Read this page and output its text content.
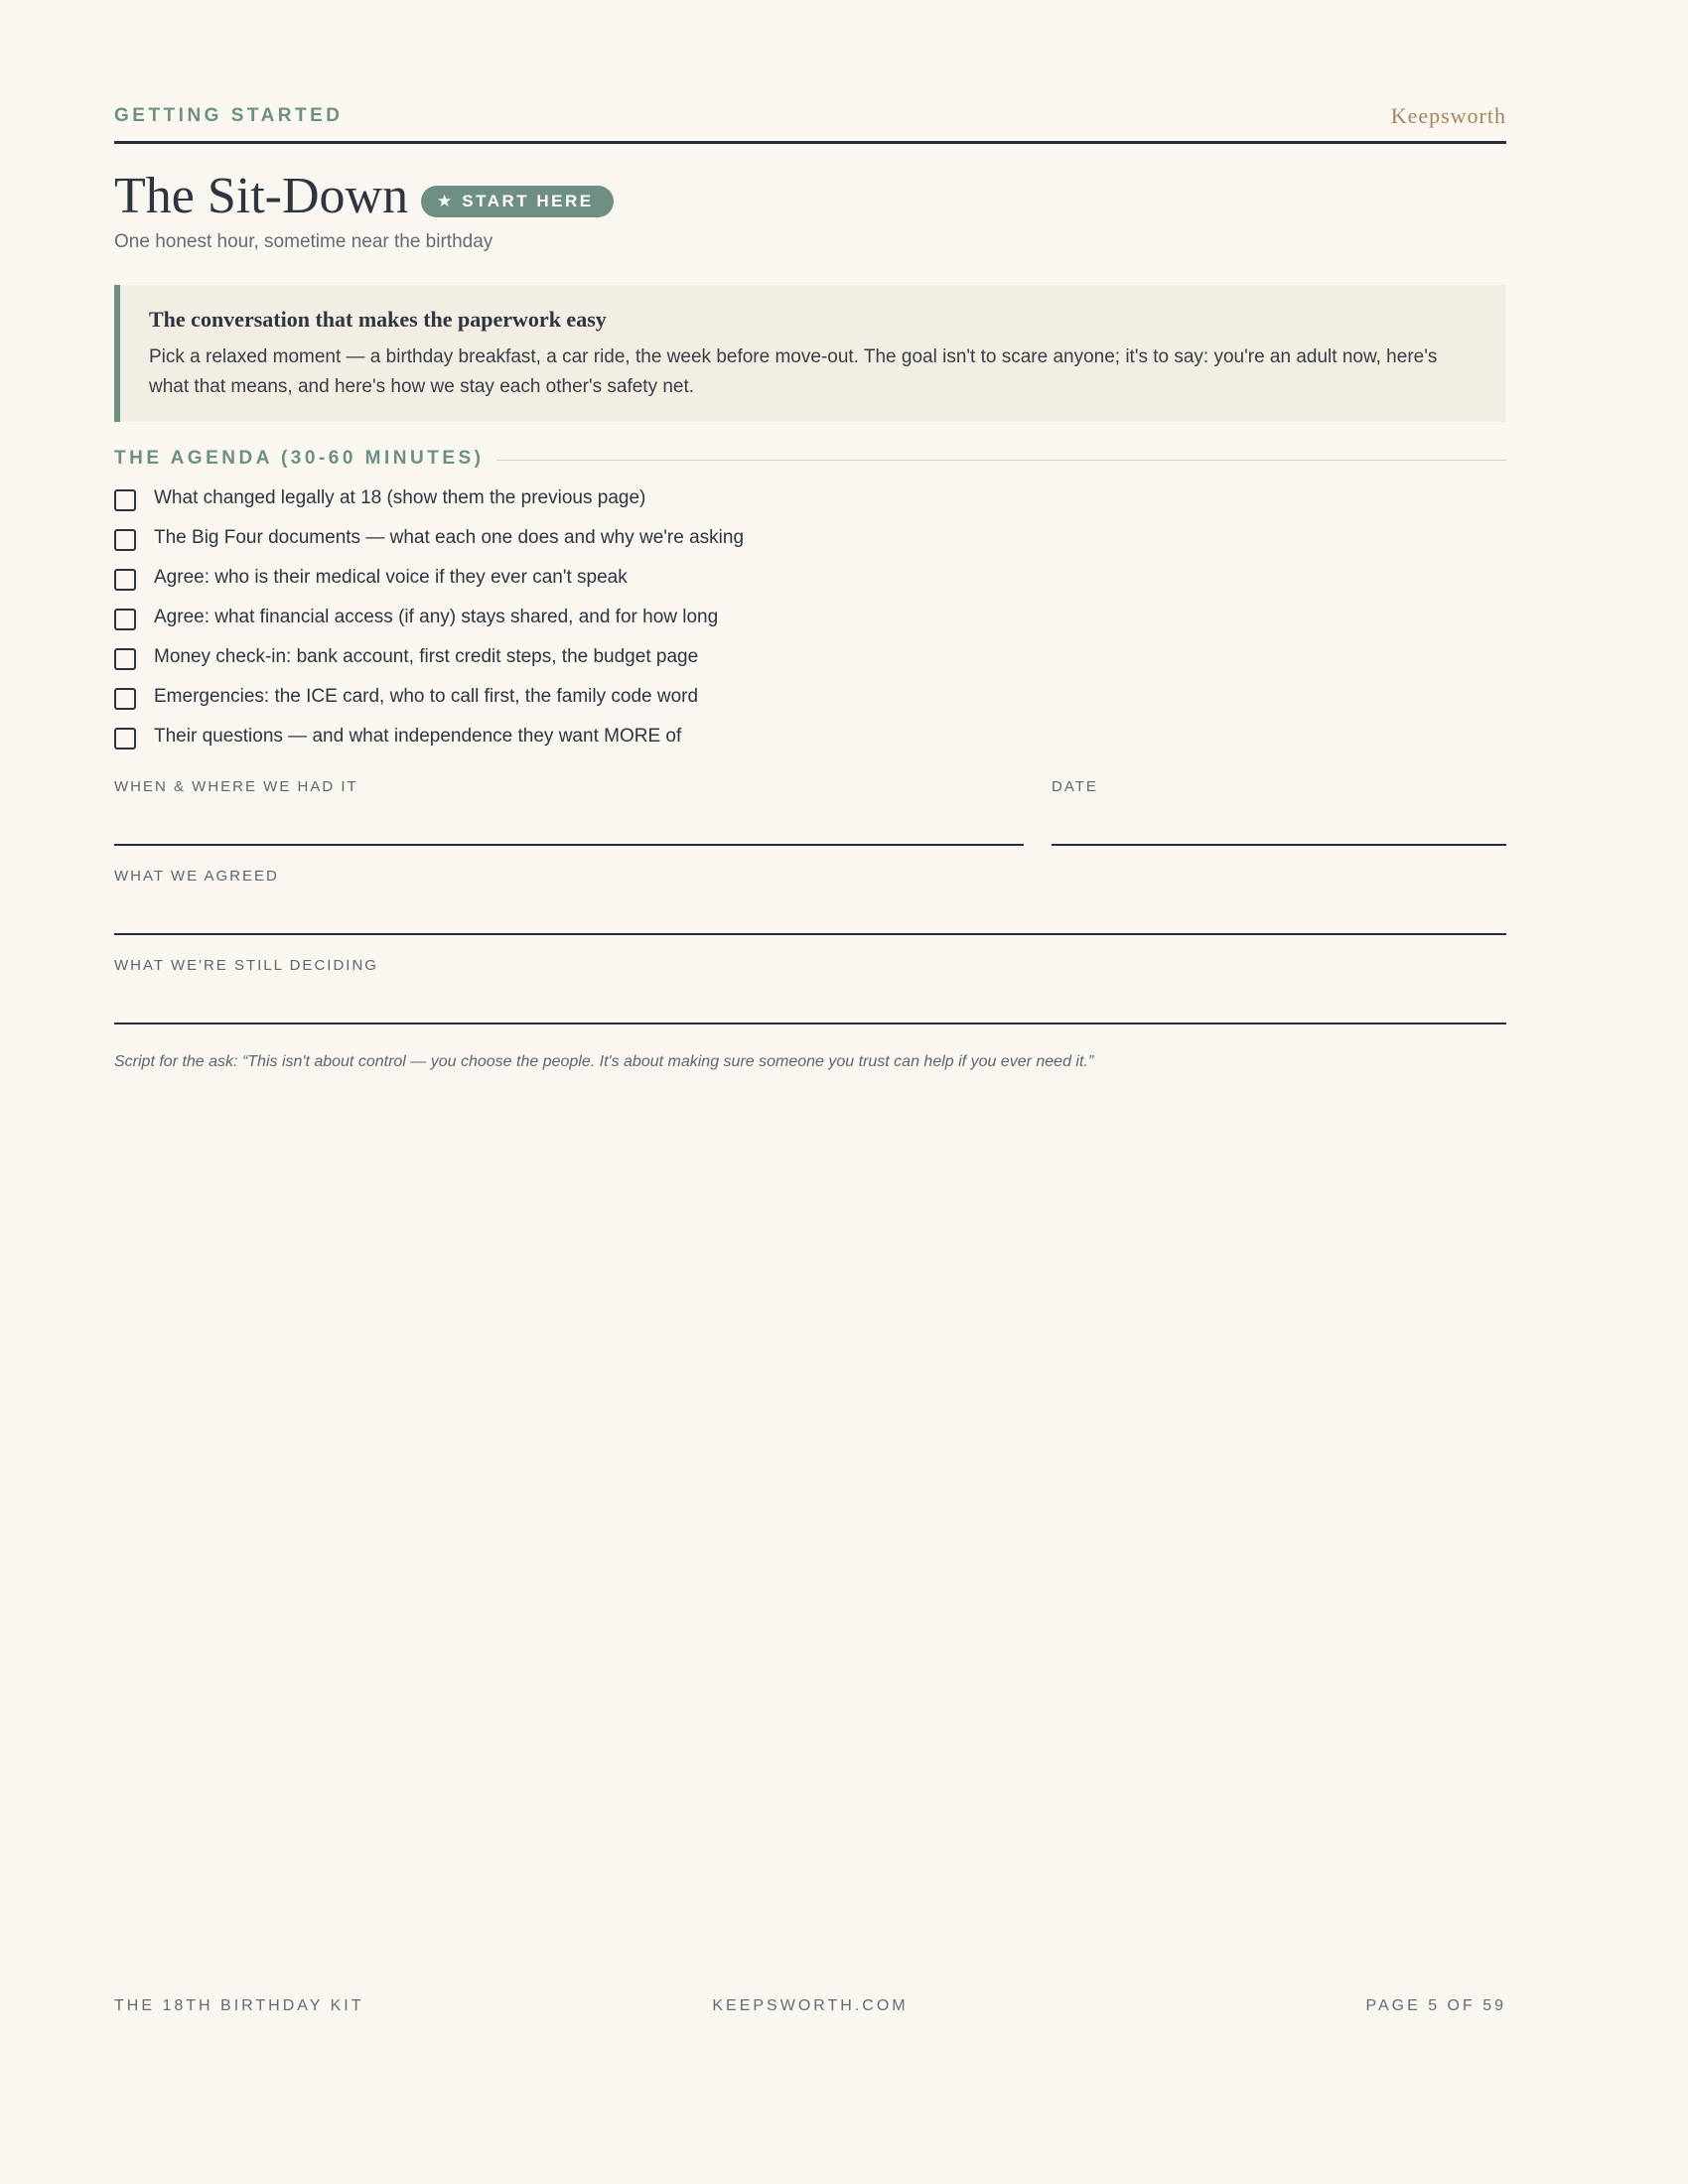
GETTING STARTED	Keepsworth
The Sit-Down ★ START HERE
One honest hour, sometime near the birthday
The conversation that makes the paperwork easy

Pick a relaxed moment — a birthday breakfast, a car ride, the week before move-out. The goal isn't to scare anyone; it's to say: you're an adult now, here's what that means, and here's how we stay each other's safety net.

THE AGENDA (30-60 MINUTES)
What changed legally at 18 (show them the previous page)
The Big Four documents — what each one does and why we're asking
Agree: who is their medical voice if they ever can't speak
Agree: what financial access (if any) stays shared, and for how long
Money check-in: bank account, first credit steps, the budget page
Emergencies: the ICE card, who to call first, the family code word
Their questions — and what independence they want MORE of
WHEN & WHERE WE HAD IT	DATE
WHAT WE AGREED
WHAT WE'RE STILL DECIDING
Script for the ask: “This isn't about control — you choose the people. It's about making sure someone you trust can help if you ever need it.”
THE 18TH BIRTHDAY KIT	KEEPSWORTH.COM	PAGE 5 OF 59
